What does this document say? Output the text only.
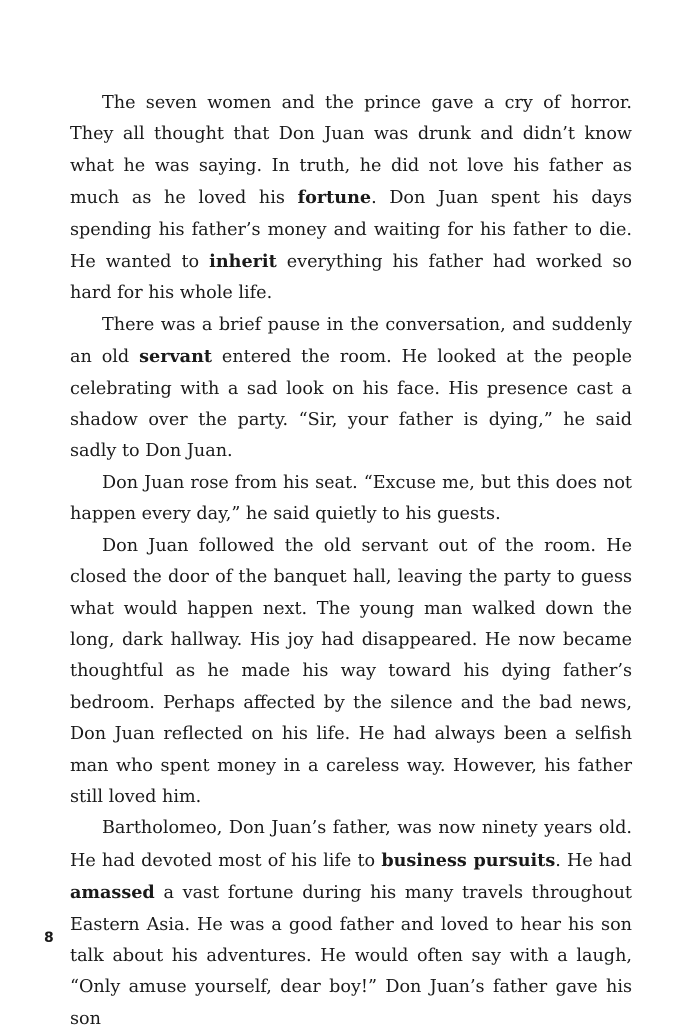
The seven women and the prince gave a cry of horror. They all thought that Don Juan was drunk and didn’t know what he was saying. In truth, he did not love his father as much as he loved his fortune. Don Juan spent his days spending his father’s money and waiting for his father to die. He wanted to inherit everything his father had worked so hard for his whole life.

There was a brief pause in the conversation, and suddenly an old servant entered the room. He looked at the people celebrating with a sad look on his face. His presence cast a shadow over the party. “Sir, your father is dying,” he said sadly to Don Juan.

Don Juan rose from his seat. “Excuse me, but this does not happen every day,” he said quietly to his guests.

Don Juan followed the old servant out of the room. He closed the door of the banquet hall, leaving the party to guess what would happen next. The young man walked down the long, dark hallway. His joy had disappeared. He now became thoughtful as he made his way toward his dying father’s bedroom. Perhaps affected by the silence and the bad news, Don Juan reflected on his life. He had always been a selfish man who spent money in a careless way. However, his father still loved him.

Bartholomeo, Don Juan’s father, was now ninety years old. He had devoted most of his life to business pursuits. He had amassed a vast fortune during his many travels throughout Eastern Asia. He was a good father and loved to hear his son talk about his adventures. He would often say with a laugh, “Only amuse yourself, dear boy!” Don Juan’s father gave his son

8
